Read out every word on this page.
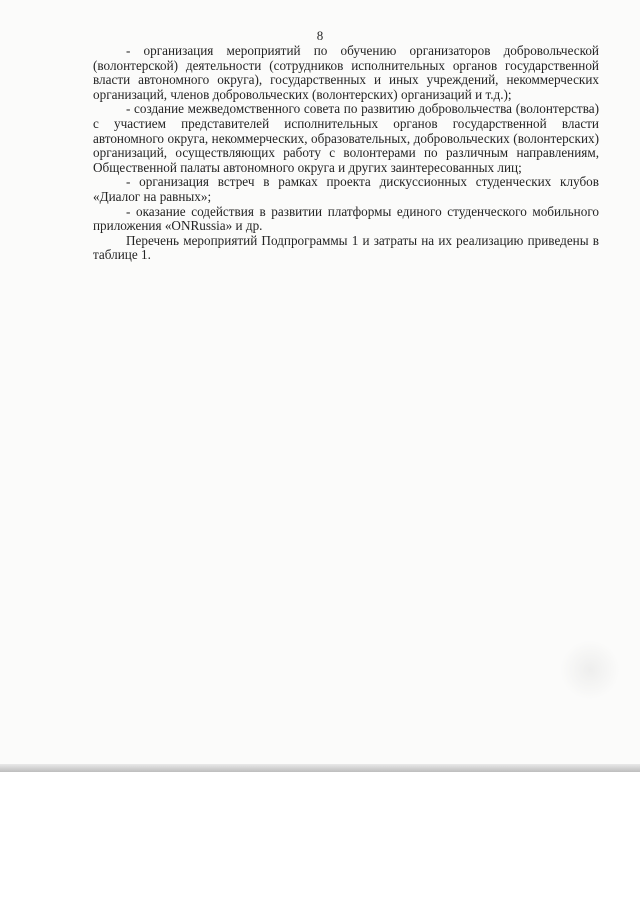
8

- организация мероприятий по обучению организаторов добровольческой (волонтерской) деятельности (сотрудников исполнительных органов государственной власти автономного округа), государственных и иных учреждений, некоммерческих организаций, членов добровольческих (волонтерских) организаций и т.д.);

- создание межведомственного совета по развитию добровольчества (волонтерства) с участием представителей исполнительных органов государственной власти автономного округа, некоммерческих, образовательных, добровольческих (волонтерских) организаций, осуществляющих работу с волонтерами по различным направлениям, Общественной палаты автономного округа и других заинтересованных лиц;

- организация встреч в рамках проекта дискуссионных студенческих клубов «Диалог на равных»;

- оказание содействия в развитии платформы единого студенческого мобильного приложения «ONRussia» и др.

Перечень мероприятий Подпрограммы 1 и затраты на их реализацию приведены в таблице 1.
